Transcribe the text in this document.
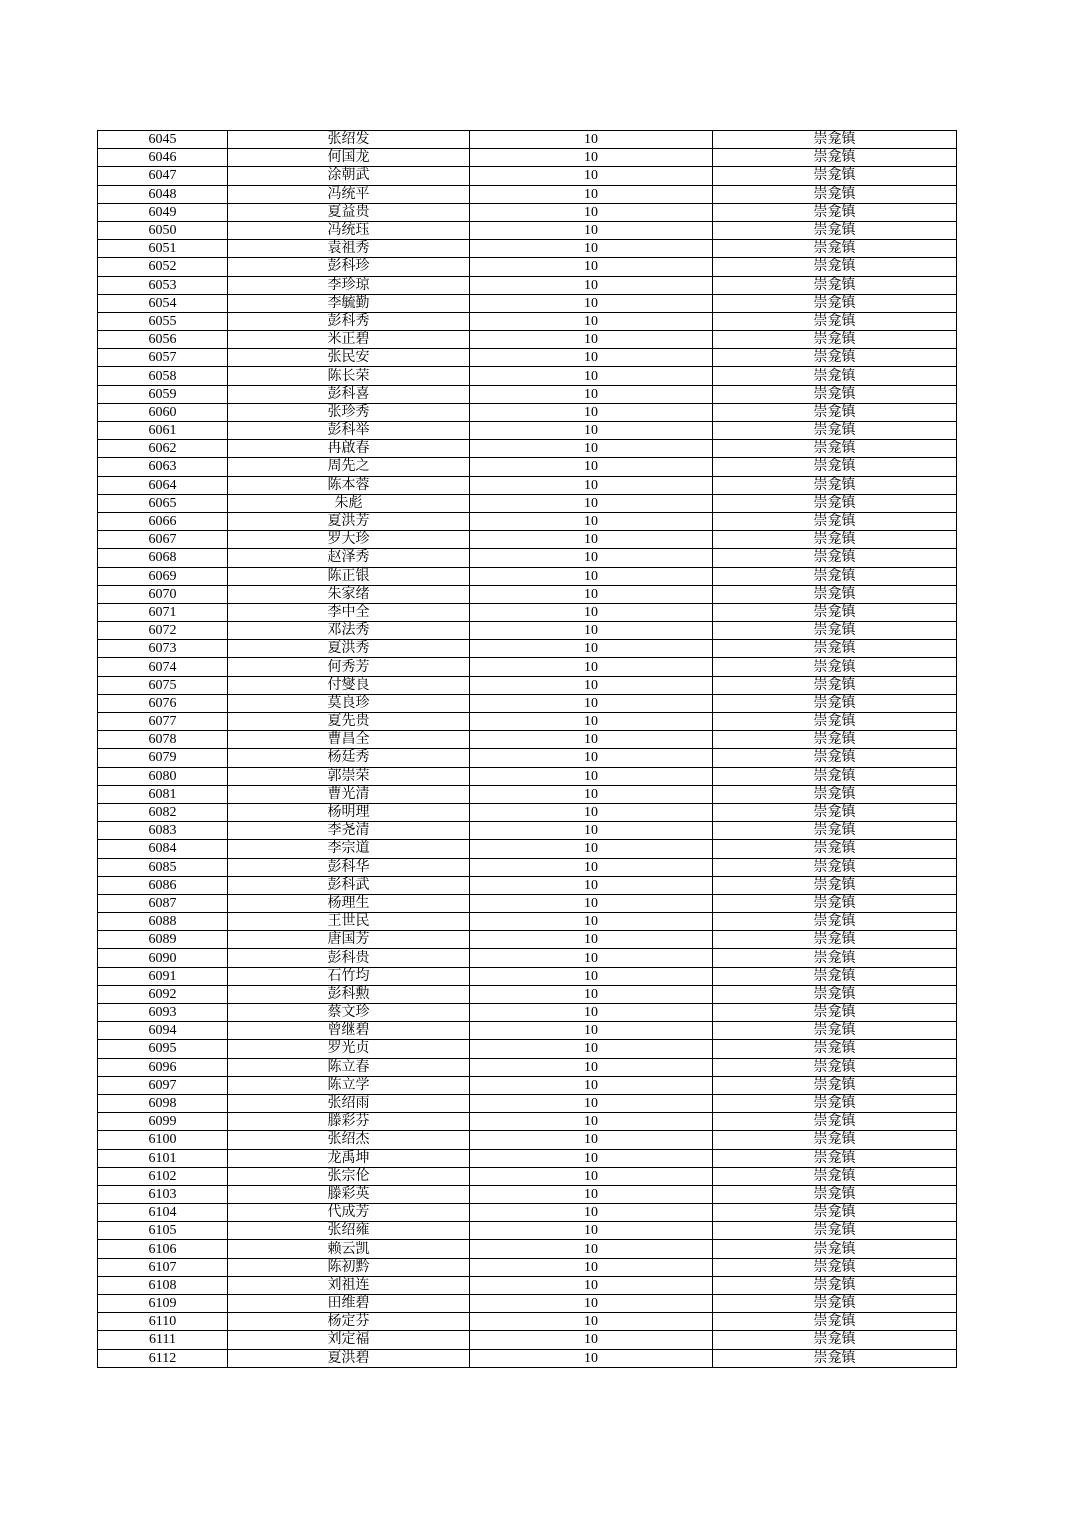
6045	张绍发	10	崇龛镇
6046	何国龙	10	崇龛镇
6047	涂朝武	10	崇龛镇
6048	冯统平	10	崇龛镇
6049	夏益贵	10	崇龛镇
6050	冯统珏	10	崇龛镇
6051	袁祖秀	10	崇龛镇
6052	彭科珍	10	崇龛镇
6053	李珍琼	10	崇龛镇
6054	李毓勤	10	崇龛镇
6055	彭科秀	10	崇龛镇
6056	米正碧	10	崇龛镇
6057	张民安	10	崇龛镇
6058	陈长荣	10	崇龛镇
6059	彭科喜	10	崇龛镇
6060	张珍秀	10	崇龛镇
6061	彭科举	10	崇龛镇
6062	冉啟春	10	崇龛镇
6063	周先之	10	崇龛镇
6064	陈本蓉	10	崇龛镇
6065	朱彪	10	崇龛镇
6066	夏洪芳	10	崇龛镇
6067	罗大珍	10	崇龛镇
6068	赵泽秀	10	崇龛镇
6069	陈正银	10	崇龛镇
6070	朱家绪	10	崇龛镇
6071	李中全	10	崇龛镇
6072	邓法秀	10	崇龛镇
6073	夏洪秀	10	崇龛镇
6074	何秀芳	10	崇龛镇
6075	付燮良	10	崇龛镇
6076	莫良珍	10	崇龛镇
6077	夏先贵	10	崇龛镇
6078	曹昌全	10	崇龛镇
6079	杨廷秀	10	崇龛镇
6080	郭崇荣	10	崇龛镇
6081	曹光清	10	崇龛镇
6082	杨明理	10	崇龛镇
6083	李尧清	10	崇龛镇
6084	李宗道	10	崇龛镇
6085	彭科华	10	崇龛镇
6086	彭科武	10	崇龛镇
6087	杨理生	10	崇龛镇
6088	王世民	10	崇龛镇
6089	唐国芳	10	崇龛镇
6090	彭科贵	10	崇龛镇
6091	石竹均	10	崇龛镇
6092	彭科勲	10	崇龛镇
6093	蔡文珍	10	崇龛镇
6094	曾继碧	10	崇龛镇
6095	罗光贞	10	崇龛镇
6096	陈立春	10	崇龛镇
6097	陈立学	10	崇龛镇
6098	张绍雨	10	崇龛镇
6099	滕彩芬	10	崇龛镇
6100	张绍杰	10	崇龛镇
6101	龙禹坤	10	崇龛镇
6102	张宗伦	10	崇龛镇
6103	滕彩英	10	崇龛镇
6104	代成芳	10	崇龛镇
6105	张绍雍	10	崇龛镇
6106	赖云凯	10	崇龛镇
6107	陈初黔	10	崇龛镇
6108	刘祖连	10	崇龛镇
6109	田维碧	10	崇龛镇
6110	杨定芬	10	崇龛镇
6111	刘定福	10	崇龛镇
6112	夏洪碧	10	崇龛镇
